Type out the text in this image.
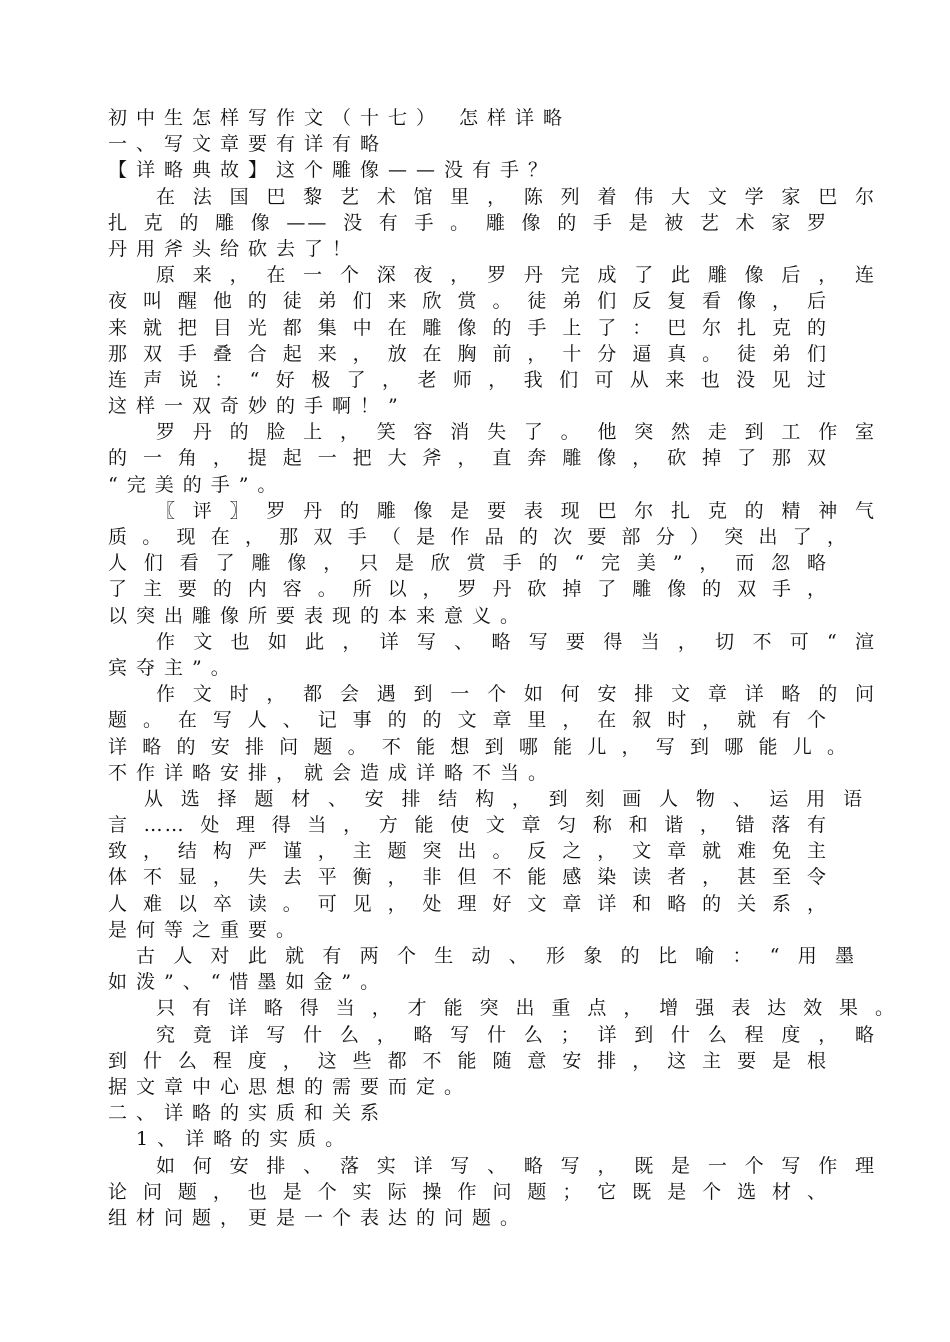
初中生怎样写作文（十七） 怎样详略
一、写文章要有详有略
【详略典故】这个雕像——没有手？
在法国巴黎艺术馆里，陈列着伟大文学家巴尔
扎克的雕像——没有手。雕像的手是被艺术家罗
丹用斧头给砍去了！
原来，在一个深夜，罗丹完成了此雕像后，连
夜叫醒他的徒弟们来欣赏。徒弟们反复看像，后
来就把目光都集中在雕像的手上了：巴尔扎克的
那双手叠合起来，放在胸前，十分逼真。徒弟们
连声说：“好极了，老师，我们可从来也没见过
这样一双奇妙的手啊！”
罗丹的脸上，笑容消失了。他突然走到工作室
的一角，提起一把大斧，直奔雕像，砍掉了那双
“完美的手”。
〖评〗罗丹的雕像是要表现巴尔扎克的精神气
质。现在，那双手（是作品的次要部分）突出了，
人们看了雕像，只是欣赏手的“完美”，而忽略
了主要的内容。所以，罗丹砍掉了雕像的双手，
以突出雕像所要表现的本来意义。
作文也如此，详写、略写要得当，切不可“渲
宾夺主”。
作文时，都会遇到一个如何安排文章详略的问
题。在写人、记事的的文章里，在叙时，就有个
详略的安排问题。不能想到哪能儿，写到哪能儿。
不作详略安排，就会造成详略不当。
从选择题材、安排结构，到刻画人物、运用语
言……处理得当，方能使文章匀称和谐，错落有
致，结构严谨，主题突出。反之，文章就难免主
体不显，失去平衡，非但不能感染读者，甚至令
人难以卒读。可见，处理好文章详和略的关系，
是何等之重要。
古人对此就有两个生动、形象的比喻：“用墨
如泼”、“惜墨如金”。
只有详略得当，才能突出重点，增强表达效果。
究竟详写什么，略写什么；详到什么程度，略
到什么程度，这些都不能随意安排，这主要是根
据文章中心思想的需要而定。
二、详略的实质和关系
1、详略的实质。
如何安排、落实详写、略写，既是一个写作理
论问题，也是个实际操作问题；它既是个选材、
组材问题，更是一个表达的问题。
